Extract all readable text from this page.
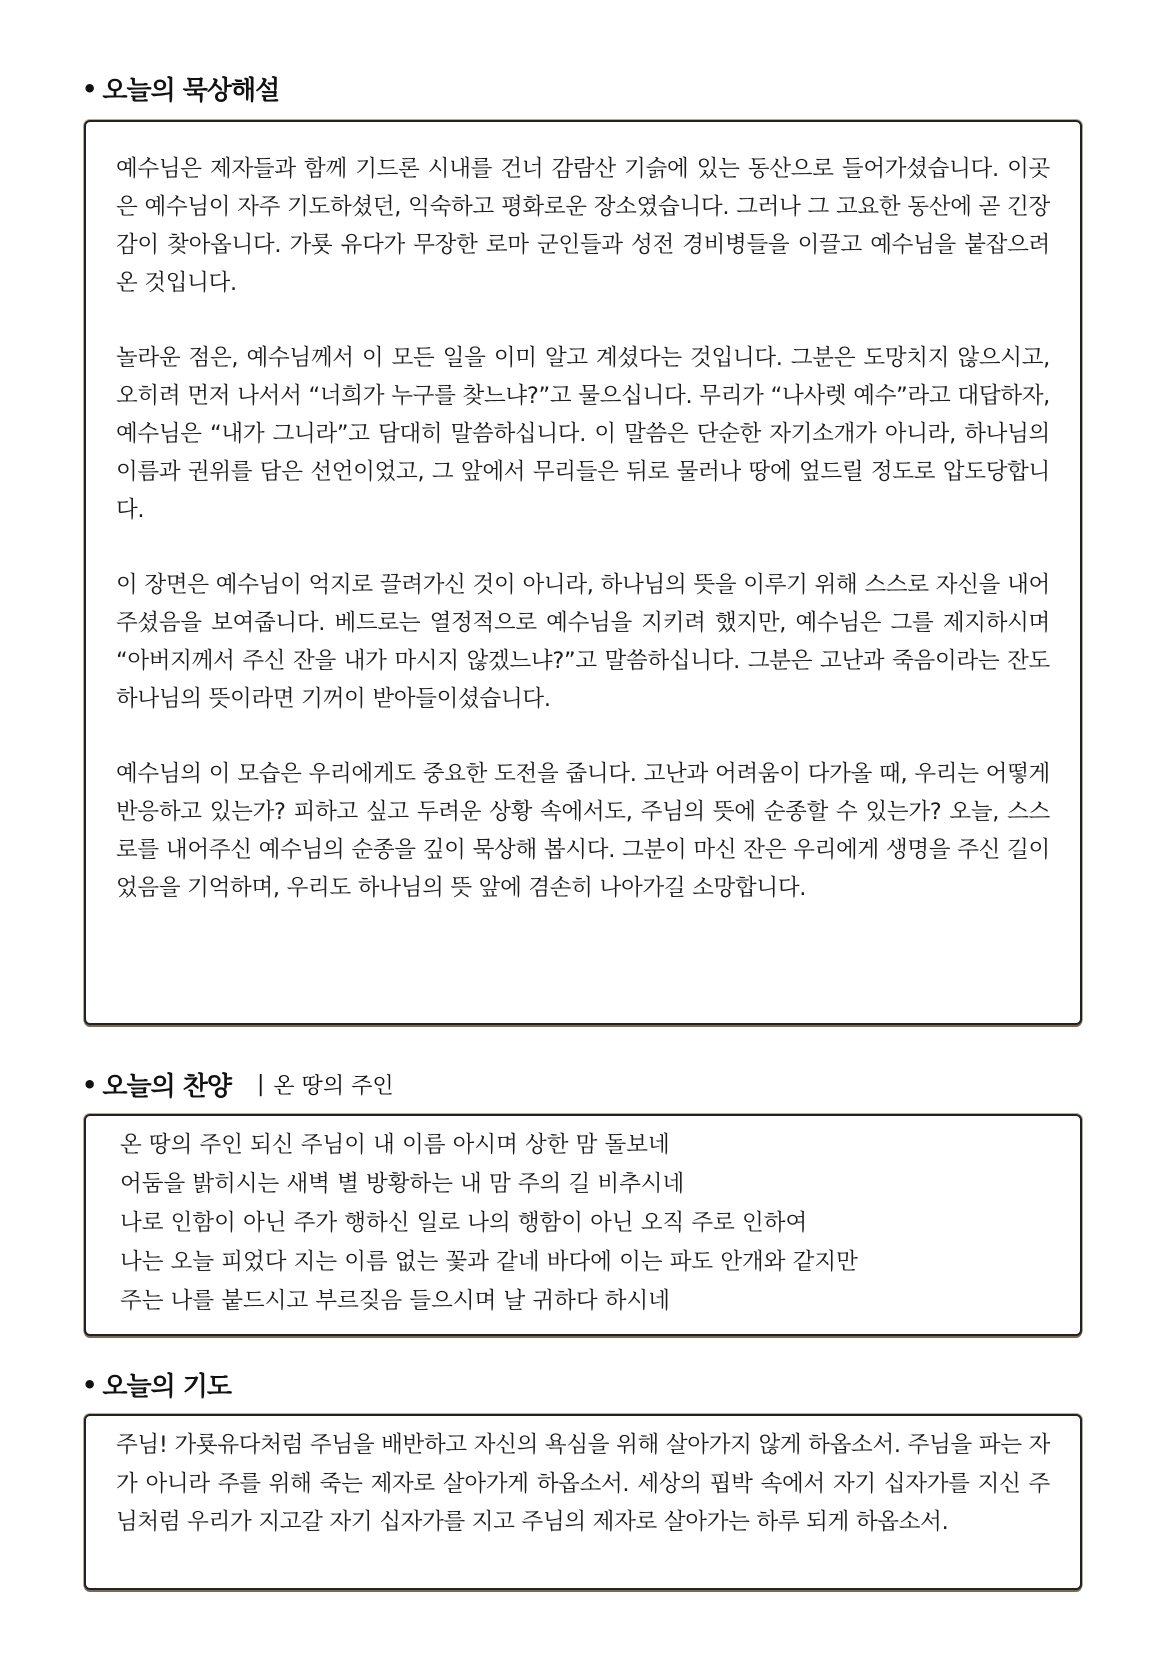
• 오늘의 묵상해설

예수님은 제자들과 함께 기드론 시내를 건너 감람산 기슭에 있는 동산으로 들어가셨습니다. 이곳은 예수님이 자주 기도하셨던, 익숙하고 평화로운 장소였습니다. 그러나 그 고요한 동산에 곧 긴장감이 찾아옵니다. 가룟 유다가 무장한 로마 군인들과 성전 경비병들을 이끌고 예수님을 붙잡으려 온 것입니다.

놀라운 점은, 예수님께서 이 모든 일을 이미 알고 계셨다는 것입니다. 그분은 도망치지 않으시고, 오히려 먼저 나서서 “너희가 누구를 찾느냐?”고 물으십니다. 무리가 “나사렛 예수”라고 대답하자, 예수님은 “내가 그니라”고 담대히 말씀하십니다. 이 말씀은 단순한 자기소개가 아니라, 하나님의 이름과 권위를 담은 선언이었고, 그 앞에서 무리들은 뒤로 물러나 땅에 엎드릴 정도로 압도당합니다.

이 장면은 예수님이 억지로 끌려가신 것이 아니라, 하나님의 뜻을 이루기 위해 스스로 자신을 내어주셨음을 보여줍니다. 베드로는 열정적으로 예수님을 지키려 했지만, 예수님은 그를 제지하시며 “아버지께서 주신 잔을 내가 마시지 않겠느냐?”고 말씀하십니다. 그분은 고난과 죽음이라는 잔도 하나님의 뜻이라면 기꺼이 받아들이셨습니다.

예수님의 이 모습은 우리에게도 중요한 도전을 줍니다. 고난과 어려움이 다가올 때, 우리는 어떻게 반응하고 있는가? 피하고 싶고 두려운 상황 속에서도, 주님의 뜻에 순종할 수 있는가? 오늘, 스스로를 내어주신 예수님의 순종을 깊이 묵상해 봅시다. 그분이 마신 잔은 우리에게 생명을 주신 길이었음을 기억하며, 우리도 하나님의 뜻 앞에 겸손히 나아가길 소망합니다.

• 오늘의 찬양 | 온 땅의 주인
온 땅의 주인 되신 주님이 내 이름 아시며 상한 맘 돌보네
어둠을 밝히시는 새벽 별 방황하는 내 맘 주의 길 비추시네
나로 인함이 아닌 주가 행하신 일로 나의 행함이 아닌 오직 주로 인하여
나는 오늘 피었다 지는 이름 없는 꽃과 같네 바다에 이는 파도 안개와 같지만
주는 나를 붙드시고 부르짖음 들으시며 날 귀하다 하시네
• 오늘의 기도

주님! 가룟유다처럼 주님을 배반하고 자신의 욕심을 위해 살아가지 않게 하옵소서. 주님을 파는 자가 아니라 주를 위해 죽는 제자로 살아가게 하옵소서. 세상의 핍박 속에서 자기 십자가를 지신 주님처럼 우리가 지고갈 자기 십자가를 지고 주님의 제자로 살아가는 하루 되게 하옵소서.
